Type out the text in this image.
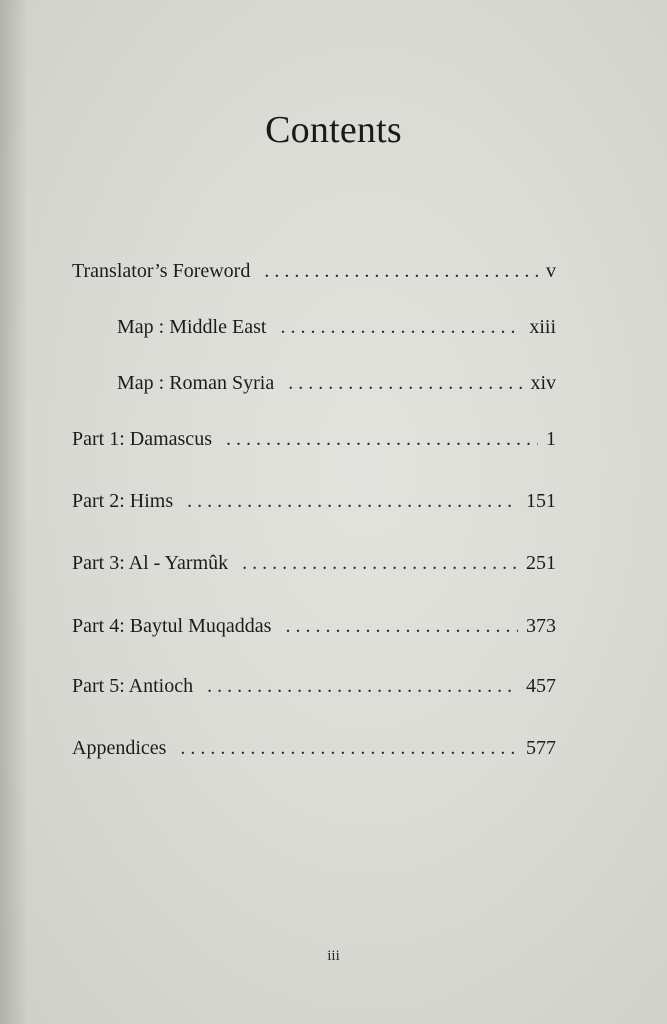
Contents
Translator’s Foreword . . .	v
Map : Middle East . . .	xiii
Map : Roman Syria . . .	xiv
Part 1: Damascus . . .	1
Part 2: Hims . . .	151
Part 3: Al - Yarmûk . . .	251
Part 4: Baytul Muqaddas . . .	373
Part 5: Antioch . . .	457
Appendices . . .	577
iii
